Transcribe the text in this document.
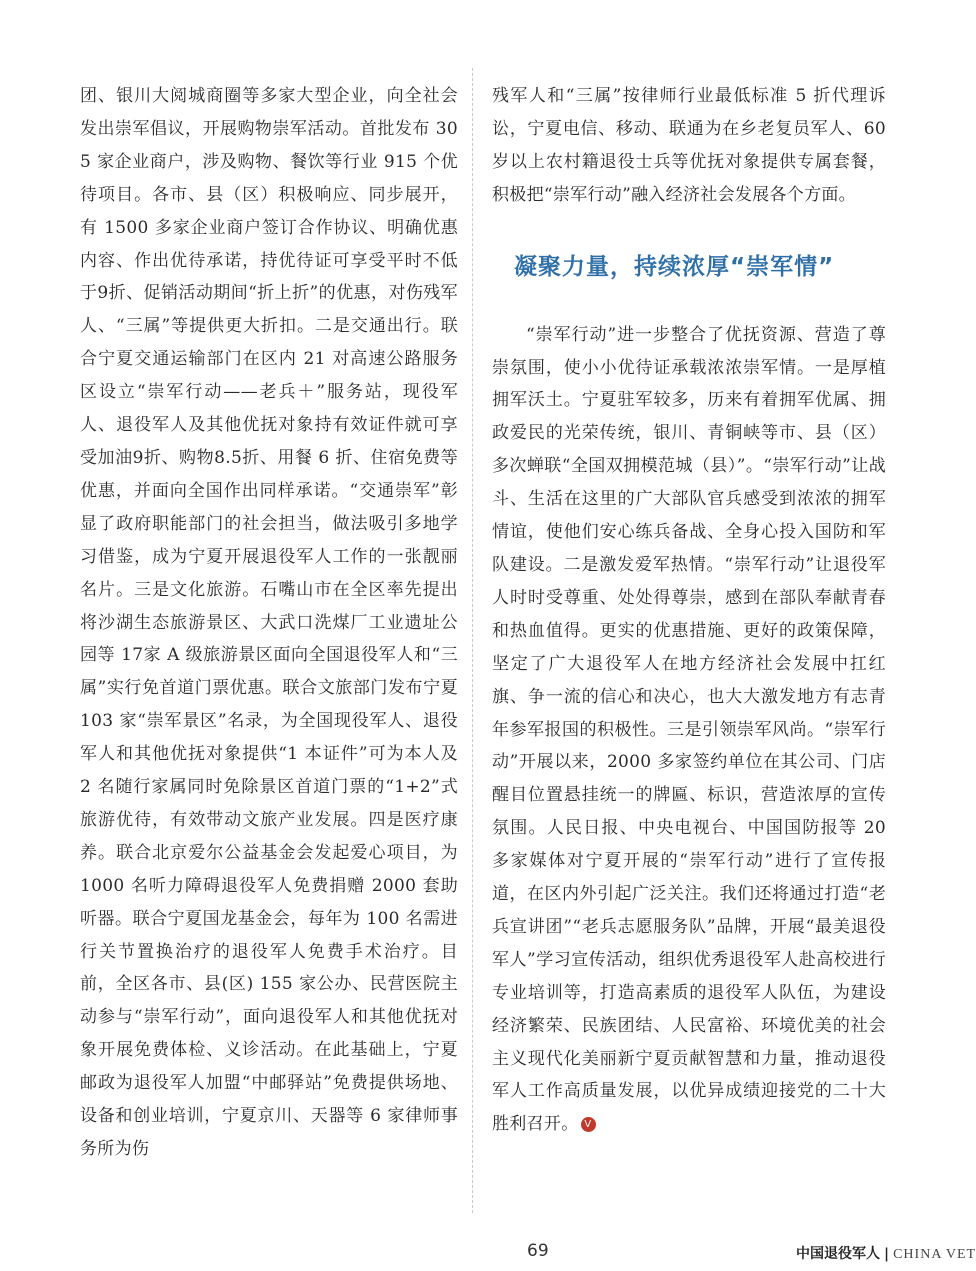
团、银川大阅城商圈等多家大型企业，向全社会发出崇军倡议，开展购物崇军活动。首批发布 305 家企业商户，涉及购物、餐饮等行业 915 个优待项目。各市、县（区）积极响应、同步展开，有 1500 多家企业商户签订合作协议、明确优惠内容、作出优待承诺，持优待证可享受平时不低于9折、促销活动期间“折上折”的优惠，对伤残军人、“三属”等提供更大折扣。二是交通出行。联合宁夏交通运输部门在区内 21 对高速公路服务区设立“崇军行动——老兵＋”服务站，现役军人、退役军人及其他优抚对象持有效证件就可享受加油9折、购物8.5折、用餐 6 折、住宿免费等优惠，并面向全国作出同样承诺。“交通崇军”彰显了政府职能部门的社会担当，做法吸引多地学习借鉴，成为宁夏开展退役军人工作的一张靓丽名片。三是文化旅游。石嘴山市在全区率先提出将沙湖生态旅游景区、大武口洗煤厂工业遗址公园等 17家 A 级旅游景区面向全国退役军人和“三属”实行免首道门票优惠。联合文旅部门发布宁夏 103 家“崇军景区”名录，为全国现役军人、退役军人和其他优抚对象提供“1 本证件”可为本人及 2 名随行家属同时免除景区首道门票的“1+2”式旅游优待，有效带动文旅产业发展。四是医疗康养。联合北京爱尔公益基金会发起爱心项目，为 1000 名听力障碍退役军人免费捐赠 2000 套助听器。联合宁夏国龙基金会，每年为 100 名需进行关节置换治疗的退役军人免费手术治疗。目前，全区各市、县(区) 155 家公办、民营医院主动参与“崇军行动”，面向退役军人和其他优抚对象开展免费体检、义诊活动。在此基础上，宁夏邮政为退役军人加盟“中邮驿站”免费提供场地、设备和创业培训，宁夏京川、天器等 6 家律师事务所为伤

残军人和“三属”按律师行业最低标准 5 折代理诉讼，宁夏电信、移动、联通为在乡老复员军人、60 岁以上农村籍退役士兵等优抚对象提供专属套餐，积极把“崇军行动”融入经济社会发展各个方面。

凝聚力量，持续浓厚“崇军情”

“崇军行动”进一步整合了优抚资源、营造了尊崇氛围，使小小优待证承载浓浓崇军情。一是厚植拥军沃土。宁夏驻军较多，历来有着拥军优属、拥政爱民的光荣传统，银川、青铜峡等市、县（区）多次蝉联“全国双拥模范城（县）”。“崇军行动”让战斗、生活在这里的广大部队官兵感受到浓浓的拥军情谊，使他们安心练兵备战、全身心投入国防和军队建设。二是激发爱军热情。“崇军行动”让退役军人时时受尊重、处处得尊崇，感到在部队奉献青春和热血值得。更实的优惠措施、更好的政策保障，坚定了广大退役军人在地方经济社会发展中扛红旗、争一流的信心和决心，也大大激发地方有志青年参军报国的积极性。三是引领崇军风尚。“崇军行动”开展以来，2000 多家签约单位在其公司、门店醒目位置悬挂统一的牌匾、标识，营造浓厚的宣传氛围。人民日报、中央电视台、中国国防报等 20 多家媒体对宁夏开展的“崇军行动”进行了宣传报道，在区内外引起广泛关注。我们还将通过打造“老兵宣讲团”“老兵志愿服务队”品牌，开展“最美退役军人”学习宣传活动，组织优秀退役军人赴高校进行专业培训等，打造高素质的退役军人队伍，为建设经济繁荣、民族团结、人民富裕、环境优美的社会主义现代化美丽新宁夏贡献智慧和力量，推动退役军人工作高质量发展，以优异成绩迎接党的二十大胜利召开。 V

69	中国退役军人 | CHINA VET
